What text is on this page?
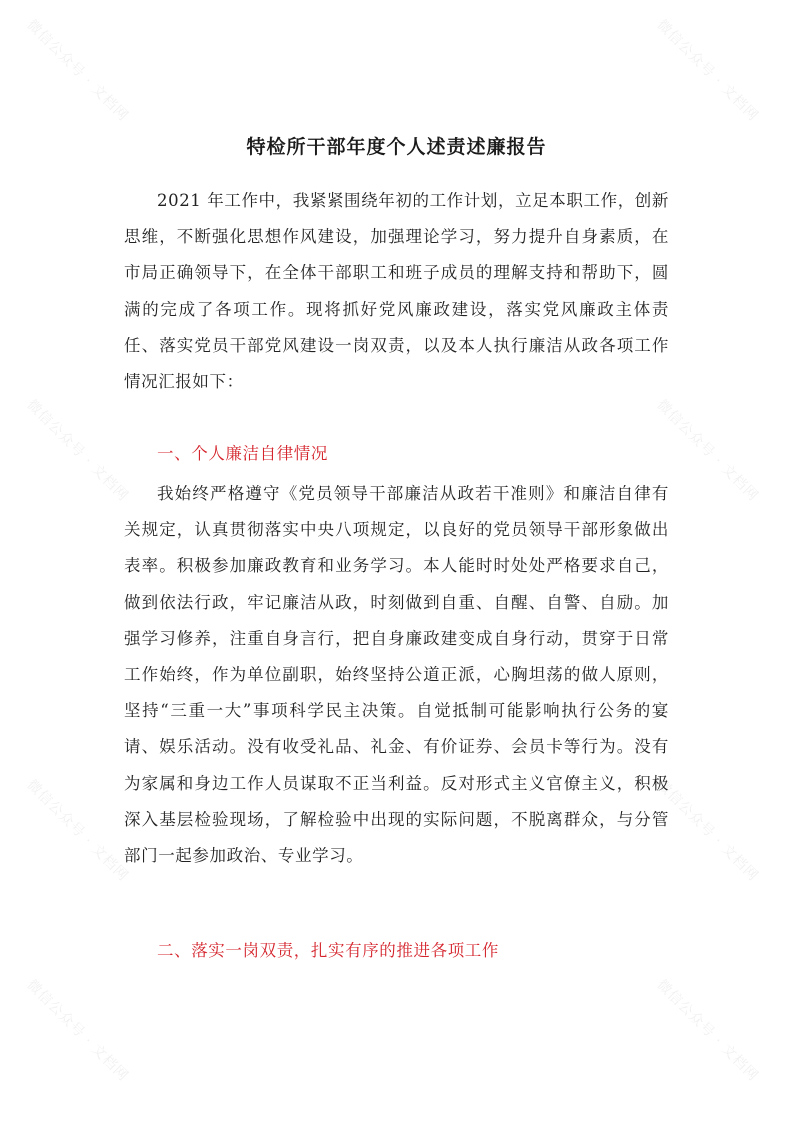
微信公众号 · 文档网	微信公众号 · 文档网
微信公众号 · 文档网	微信公众号 · 文档网
微信公众号 · 文档网	微信公众号 · 文档网
微信公众号 · 文档网	微信公众号 · 文档网
特检所干部年度个人述责述廉报告

2021 年工作中，我紧紧围绕年初的工作计划，立足本职工作，创新思维，不断强化思想作风建设，加强理论学习，努力提升自身素质，在市局正确领导下，在全体干部职工和班子成员的理解支持和帮助下，圆满的完成了各项工作。现将抓好党风廉政建设，落实党风廉政主体责任、落实党员干部党风建设一岗双责，以及本人执行廉洁从政各项工作情况汇报如下：

一、个人廉洁自律情况

我始终严格遵守《党员领导干部廉洁从政若干准则》和廉洁自律有关规定，认真贯彻落实中央八项规定，以良好的党员领导干部形象做出表率。积极参加廉政教育和业务学习。本人能时时处处严格要求自己，做到依法行政，牢记廉洁从政，时刻做到自重、自醒、自警、自励。加强学习修养，注重自身言行，把自身廉政建变成自身行动，贯穿于日常工作始终，作为单位副职，始终坚持公道正派，心胸坦荡的做人原则，坚持“三重一大”事项科学民主决策。自觉抵制可能影响执行公务的宴请、娱乐活动。没有收受礼品、礼金、有价证券、会员卡等行为。没有为家属和身边工作人员谋取不正当利益。反对形式主义官僚主义，积极深入基层检验现场，了解检验中出现的实际问题，不脱离群众，与分管部门一起参加政治、专业学习。

二、落实一岗双责，扎实有序的推进各项工作
